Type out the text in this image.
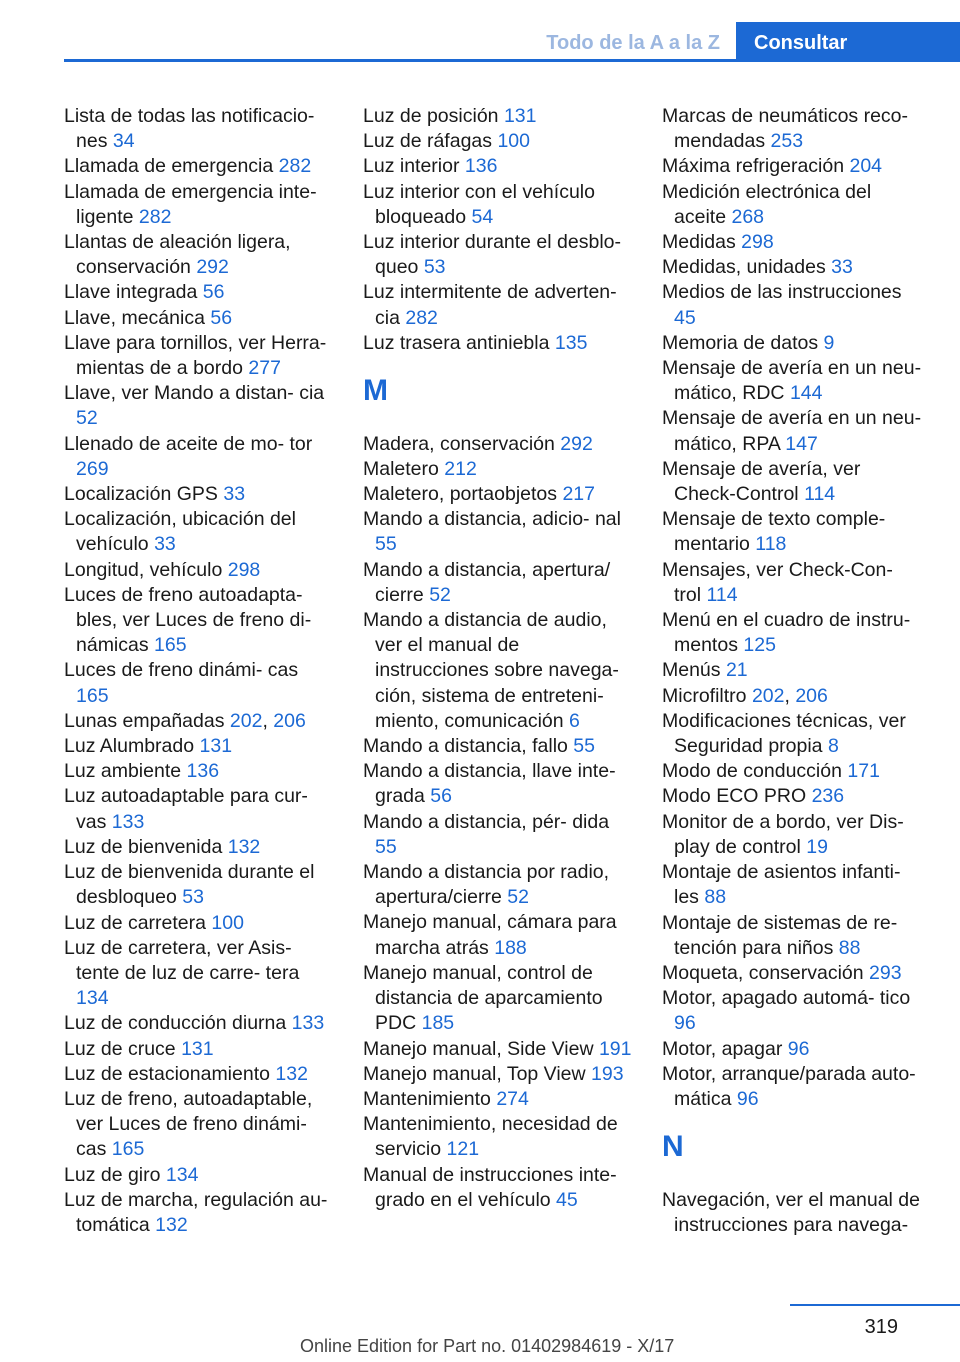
Todo de la A a la Z	Consultar
Lista de todas las notificacio‐ nes 34
Llamada de emergencia 282
Llamada de emergencia inte‐ ligente 282
Llantas de aleación ligera, conservación 292
Llave integrada 56
Llave, mecánica 56
Llave para tornillos, ver Herra‐ mientas de a bordo 277
Llave, ver Mando a distan‐ cia 52
Llenado de aceite de mo‐ tor 269
Localización GPS 33
Localización, ubicación del vehículo 33
Longitud, vehículo 298
Luces de freno autoadapta‐ bles, ver Luces de freno di‐ námicas 165
Luces de freno dinámi‐ cas 165
Lunas empañadas 202, 206
Luz Alumbrado 131
Luz ambiente 136
Luz autoadaptable para cur‐ vas 133
Luz de bienvenida 132
Luz de bienvenida durante el desbloqueo 53
Luz de carretera 100
Luz de carretera, ver Asis‐ tente de luz de carre‐ tera 134
Luz de conducción diurna 133
Luz de cruce 131
Luz de estacionamiento 132
Luz de freno, autoadaptable, ver Luces de freno dinámi‐ cas 165
Luz de giro 134
Luz de marcha, regulación au‐ tomática 132
Luz de posición 131
Luz de ráfagas 100
Luz interior 136
Luz interior con el vehículo bloqueado 54
Luz interior durante el desblo‐ queo 53
Luz intermitente de adverten‐ cia 282
Luz trasera antiniebla 135
M
Madera, conservación 292
Maletero 212
Maletero, portaobjetos 217
Mando a distancia, adicio‐ nal 55
Mando a distancia, apertura/ cierre 52
Mando a distancia de audio, ver el manual de instrucciones sobre navega‐ ción, sistema de entreteni‐ miento, comunicación 6
Mando a distancia, fallo 55
Mando a distancia, llave inte‐ grada 56
Mando a distancia, pér‐ dida 55
Mando a distancia por radio, apertura/cierre 52
Manejo manual, cámara para marcha atrás 188
Manejo manual, control de distancia de aparcamiento PDC 185
Manejo manual, Side View 191
Manejo manual, Top View 193
Mantenimiento 274
Mantenimiento, necesidad de servicio 121
Manual de instrucciones inte‐ grado en el vehículo 45
Marcas de neumáticos reco‐ mendadas 253
Máxima refrigeración 204
Medición electrónica del aceite 268
Medidas 298
Medidas, unidades 33
Medios de las instrucciones 45
Memoria de datos 9
Mensaje de avería en un neu‐ mático, RDC 144
Mensaje de avería en un neu‐ mático, RPA 147
Mensaje de avería, ver Check-Control 114
Mensaje de texto comple‐ mentario 118
Mensajes, ver Check-Con‐ trol 114
Menú en el cuadro de instru‐ mentos 125
Menús 21
Microfiltro 202, 206
Modificaciones técnicas, ver Seguridad propia 8
Modo de conducción 171
Modo ECO PRO 236
Monitor de a bordo, ver Dis‐ play de control 19
Montaje de asientos infanti‐ les 88
Montaje de sistemas de re‐ tención para niños 88
Moqueta, conservación 293
Motor, apagado automá‐ tico 96
Motor, apagar 96
Motor, arranque/parada auto‐ mática 96
N
Navegación, ver el manual de instrucciones para navega‐
319
Online Edition for Part no. 01402984619 - X/17
